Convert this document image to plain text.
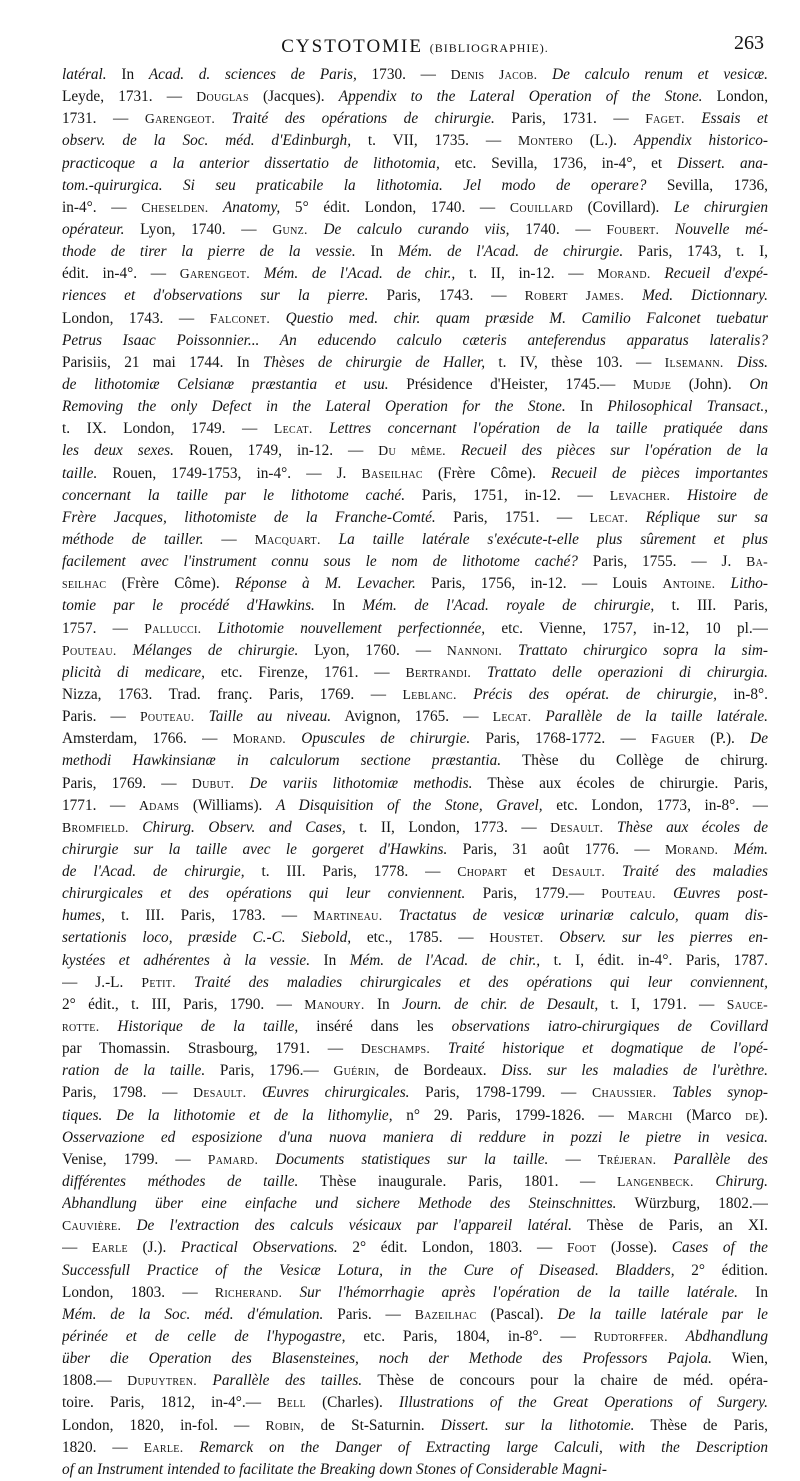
CYSTOTOMIE (BIBLIOGRAPHIE).	263
latéral. In Acad. d. sciences de Paris, 1730. — Denis Jacob. De calculo renum et vesicæ.
Leyde, 1731. — Douglas (Jacques). Appendix to the Lateral Operation of the Stone. London,
1731. — Garengeot. Traité des opérations de chirurgie. Paris, 1731. — Faget. Essais et
observ. de la Soc. méd. d'Edinburgh, t. VII, 1735. — Montero (L.). Appendix historico-
practicoque a la anterior dissertatio de lithotomia, etc. Sevilla, 1736, in-4°, et Dissert. ana-
tom.-quirurgica. Si seu praticabile la lithotomia. Jel modo de operare? Sevilla, 1736,
in-4°. — Cheselden. Anatomy, 5° édit. London, 1740. — Couillard (Covillard). Le chirurgien
opérateur. Lyon, 1740. — Gunz. De calculo curando viis, 1740. — Foubert. Nouvelle mé-
thode de tirer la pierre de la vessie. In Mém. de l'Acad. de chirurgie. Paris, 1743, t. I,
édit. in-4°. — Garengeot. Mém. de l'Acad. de chir., t. II, in-12. — Morand. Recueil d'expé-
riences et d'observations sur la pierre. Paris, 1743. — Robert James. Med. Dictionnary.
London, 1743. — Falconet. Questio med. chir. quam præside M. Camilio Falconet tuebatur
Petrus Isaac Poissonnier... An educendo calculo cæteris anteferendus apparatus lateralis?
Parisiis, 21 mai 1744. In Thèses de chirurgie de Haller, t. IV, thèse 103. — Ilsemann. Diss.
de lithotomiæ Celsianæ præstantia et usu. Présidence d'Heister, 1745.— Mudje (John). On
Removing the only Defect in the Lateral Operation for the Stone. In Philosophical Transact.,
t. IX. London, 1749. — Lecat. Lettres concernant l'opération de la taille pratiquée dans
les deux sexes. Rouen, 1749, in-12. — Du même. Recueil des pièces sur l'opération de la
taille. Rouen, 1749-1753, in-4°. — J. Baseilhac (Frère Côme). Recueil de pièces importantes
concernant la taille par le lithotome caché. Paris, 1751, in-12. — Levacher. Histoire de
Frère Jacques, lithotomiste de la Franche-Comté. Paris, 1751. — Lecat. Réplique sur sa
méthode de tailler. — Macquart. La taille latérale s'exécute-t-elle plus sûrement et plus
facilement avec l'instrument connu sous le nom de lithotome caché? Paris, 1755. — J. Ba-
seilhac (Frère Côme). Réponse à M. Levacher. Paris, 1756, in-12. — Louis Antoine. Litho-
tomie par le procédé d'Hawkins. In Mém. de l'Acad. royale de chirurgie, t. III. Paris,
1757. — Pallucci. Lithotomie nouvellement perfectionnée, etc. Vienne, 1757, in-12, 10 pl.—
Pouteau. Mélanges de chirurgie. Lyon, 1760. — Nannoni. Trattato chirurgico sopra la sim-
plicità di medicare, etc. Firenze, 1761. — Bertrandi. Trattato delle operazioni di chirurgia.
Nizza, 1763. Trad. franç. Paris, 1769. — Leblanc. Précis des opérat. de chirurgie, in-8°.
Paris. — Pouteau. Taille au niveau. Avignon, 1765. — Lecat. Parallèle de la taille latérale.
Amsterdam, 1766. — Morand. Opuscules de chirurgie. Paris, 1768-1772. — Faguer (P.). De
methodi Hawkinsianæ in calculorum sectione præstantia. Thèse du Collège de chirurg.
Paris, 1769. — Dubut. De variis lithotomiæ methodis. Thèse aux écoles de chirurgie. Paris,
1771. — Adams (Williams). A Disquisition of the Stone, Gravel, etc. London, 1773, in-8°. —
Bromfield. Chirurg. Observ. and Cases, t. II, London, 1773. — Desault. Thèse aux écoles de
chirurgie sur la taille avec le gorgeret d'Hawkins. Paris, 31 août 1776. — Morand. Mém.
de l'Acad. de chirurgie, t. III. Paris, 1778. — Chopart et Desault. Traité des maladies
chirurgicales et des opérations qui leur conviennent. Paris, 1779.— Pouteau. Œuvres post-
humes, t. III. Paris, 1783. — Martineau. Tractatus de vesicæ urinariæ calculo, quam dis-
sertationis loco, præside C.-C. Siebold, etc., 1785. — Houstet. Observ. sur les pierres en-
kystées et adhérentes à la vessie. In Mém. de l'Acad. de chir., t. I, édit. in-4°. Paris, 1787.
— J.-L. Petit. Traité des maladies chirurgicales et des opérations qui leur conviennent,
2° édit., t. III, Paris, 1790. — Manoury. In Journ. de chir. de Desault, t. I, 1791. — Sauce-
rotte. Historique de la taille, inséré dans les observations iatro-chirurgiques de Covillard
par Thomassin. Strasbourg, 1791. — Deschamps. Traité historique et dogmatique de l'opé-
ration de la taille. Paris, 1796.— Guérin, de Bordeaux. Diss. sur les maladies de l'urèthre.
Paris, 1798. — Desault. Œuvres chirurgicales. Paris, 1798-1799. — Chaussier. Tables synop-
tiques. De la lithotomie et de la lithomylie, n° 29. Paris, 1799-1826. — Marchi (Marco de).
Osservazione ed esposizione d'una nuova maniera di reddure in pozzi le pietre in vesica.
Venise, 1799. — Pamard. Documents statistiques sur la taille. — Tréjeran. Parallèle des
différentes méthodes de taille. Thèse inaugurale. Paris, 1801. — Langenbeck. Chirurg.
Abhandlung über eine einfache und sichere Methode des Steinschnittes. Würzburg, 1802.—
Cauvière. De l'extraction des calculs vésicaux par l'appareil latéral. Thèse de Paris, an XI.
— Earle (J.). Practical Observations. 2° édit. London, 1803. — Foot (Josse). Cases of the
Successfull Practice of the Vesicæ Lotura, in the Cure of Diseased. Bladders, 2° édition.
London, 1803. — Richerand. Sur l'hémorrhagie après l'opération de la taille latérale. In
Mém. de la Soc. méd. d'émulation. Paris. — Bazeilhac (Pascal). De la taille latérale par le
périnée et de celle de l'hypogastre, etc. Paris, 1804, in-8°. — Rudtorffer. Abdhandlung
über die Operation des Blasensteines, noch der Methode des Professors Pajola. Wien,
1808.— Dupuytren. Parallèle des tailles. Thèse de concours pour la chaire de méd. opéra-
toire. Paris, 1812, in-4°.— Bell (Charles). Illustrations of the Great Operations of Surgery.
London, 1820, in-fol. — Robin, de St-Saturnin. Dissert. sur la lithotomie. Thèse de Paris,
1820. — Earle. Remarck on the Danger of Extracting large Calculi, with the Description
of an Instrument intended to facilitate the Breaking down Stones of Considerable Magni-
